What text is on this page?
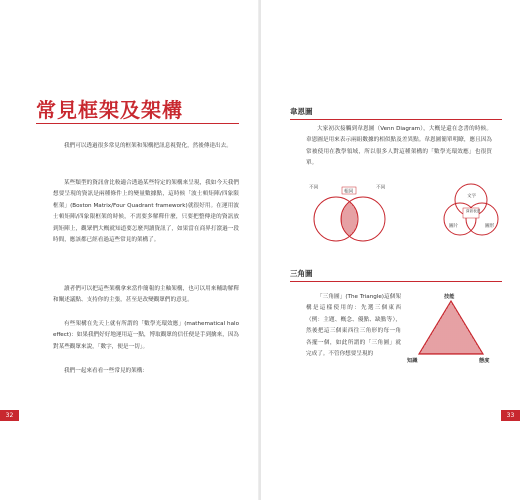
常見框架及架構

我們可以透過很多常見的框架和架構把訊息視覺化，然後傳達出去。

某些類型的資訊會比較適合透過某些特定的架構來呈現，我如今天我們想要呈現的資訊是兩種條件上的變量數據點，這時候「波士頓矩陣/四象限框架」(Boston Matrix/Four Quadrant framework)就很好用。在運用波士頓矩陣/四象限框架的時候，不需要多解釋什麼，只要把整傳達的資訊放到矩陣上，觀眾們大概就知道要怎麼判讀資訊了，如果當在商界打滾過一段時間，應該都已經看過這些常見的架構了。

讀者們可以把這些架構拿來當作簡報的主軸架構，也可以用來輔助解釋和闡述議點、支持你的主張，甚至是改變觀眾們的意見。

有些架構在先天上就有所謂的「數學光環效應」(mathematical halo effect)：如果我們好好地運用這一點，博取觀眾的信任便是手到擒來，因為對某些觀眾來說，「數字，便是一切」。

我們一起來看看一些常見的架構：

32
韋恩圖

大家初次接觸到韋恩圖（Venn Diagram），大概是還在念書的時候。韋恩圖是用來表示兩組數據的相似點及差異點。韋恩圖簡單明瞭，應且因為常被使用在教學領域，所以很多人對這種架構的「數學光環效應」也很買單。

不同
相同
不同
文字
資訊表達
圖片	圖形
三角圖

「三角圖」(The Triangle)這個架構是這樣使用的：先選三個東西（例：主題、概念、優點、缺點等），然後把這三個東西往三角形的每一角各擺一個，如此所謂的「三角圖」就完成了。不管你想要呈現的

技能
知識	態度
33
